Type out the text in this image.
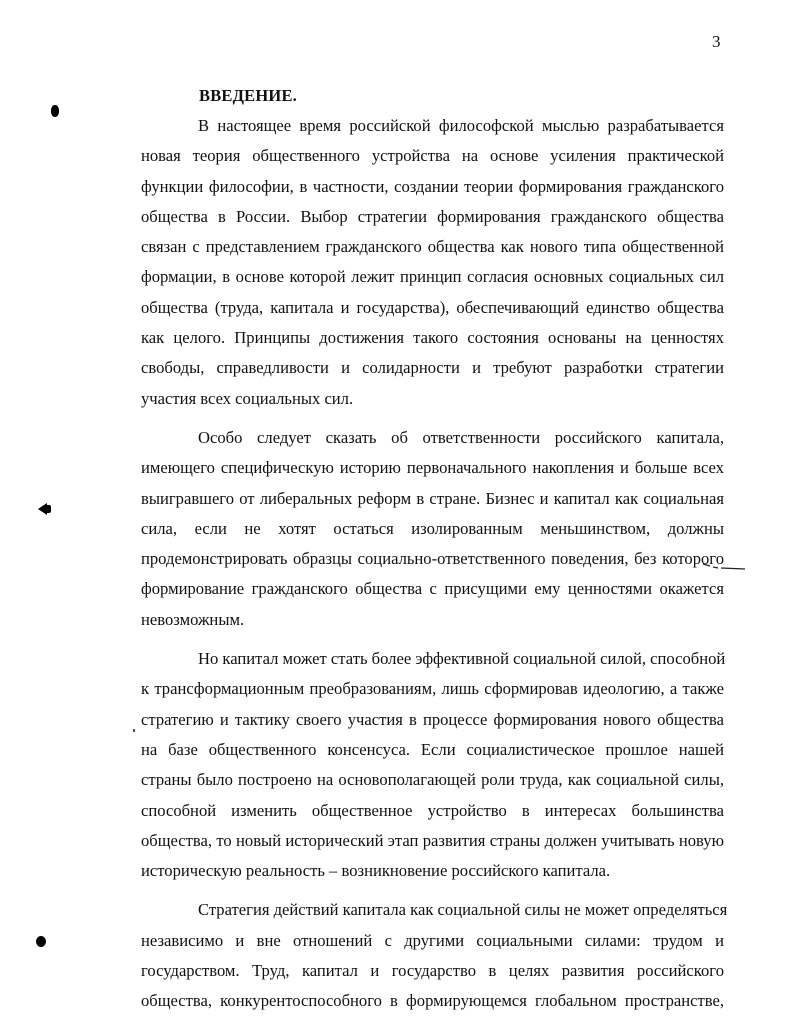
3
ВВЕДЕНИЕ.

В настоящее время российской философской мыслью разрабатывается
новая теория общественного устройства на основе усиления практической
функции философии, в частности, создании теории формирования гражданского
общества в России. Выбор стратегии формирования гражданского общества
связан с представлением гражданского общества как нового типа общественной
формации, в основе которой лежит принцип согласия основных социальных сил
общества (труда, капитала и государства), обеспечивающий единство общества
как целого. Принципы достижения такого состояния основаны на ценностях
свободы, справедливости и солидарности и требуют разработки стратегии
участия всех социальных сил.

Особо следует сказать об ответственности российского капитала,
имеющего специфическую историю первоначального накопления и больше всех
выигравшего от либеральных реформ в стране. Бизнес и капитал как социальная
сила, если не хотят остаться изолированным меньшинством, должны
продемонстрировать образцы социально-ответственного поведения, без которого
формирование гражданского общества с присущими ему ценностями окажется
невозможным.

Но капитал может стать более эффективной социальной силой, способной
к трансформационным преобразованиям, лишь сформировав идеологию, а также
стратегию и тактику своего участия в процессе формирования нового общества
на базе общественного консенсуса. Если социалистическое прошлое нашей
страны было построено на основополагающей роли труда, как социальной силы,
способной изменить общественное устройство в интересах большинства
общества, то новый исторический этап развития страны должен учитывать новую
историческую реальность – возникновение российского капитала.

Стратегия действий капитала как социальной силы не может определяться
независимо и вне отношений с другими социальными силами: трудом и
государством. Труд, капитал и государство в целях развития российского
общества, конкурентоспособного в формирующемся глобальном пространстве,
